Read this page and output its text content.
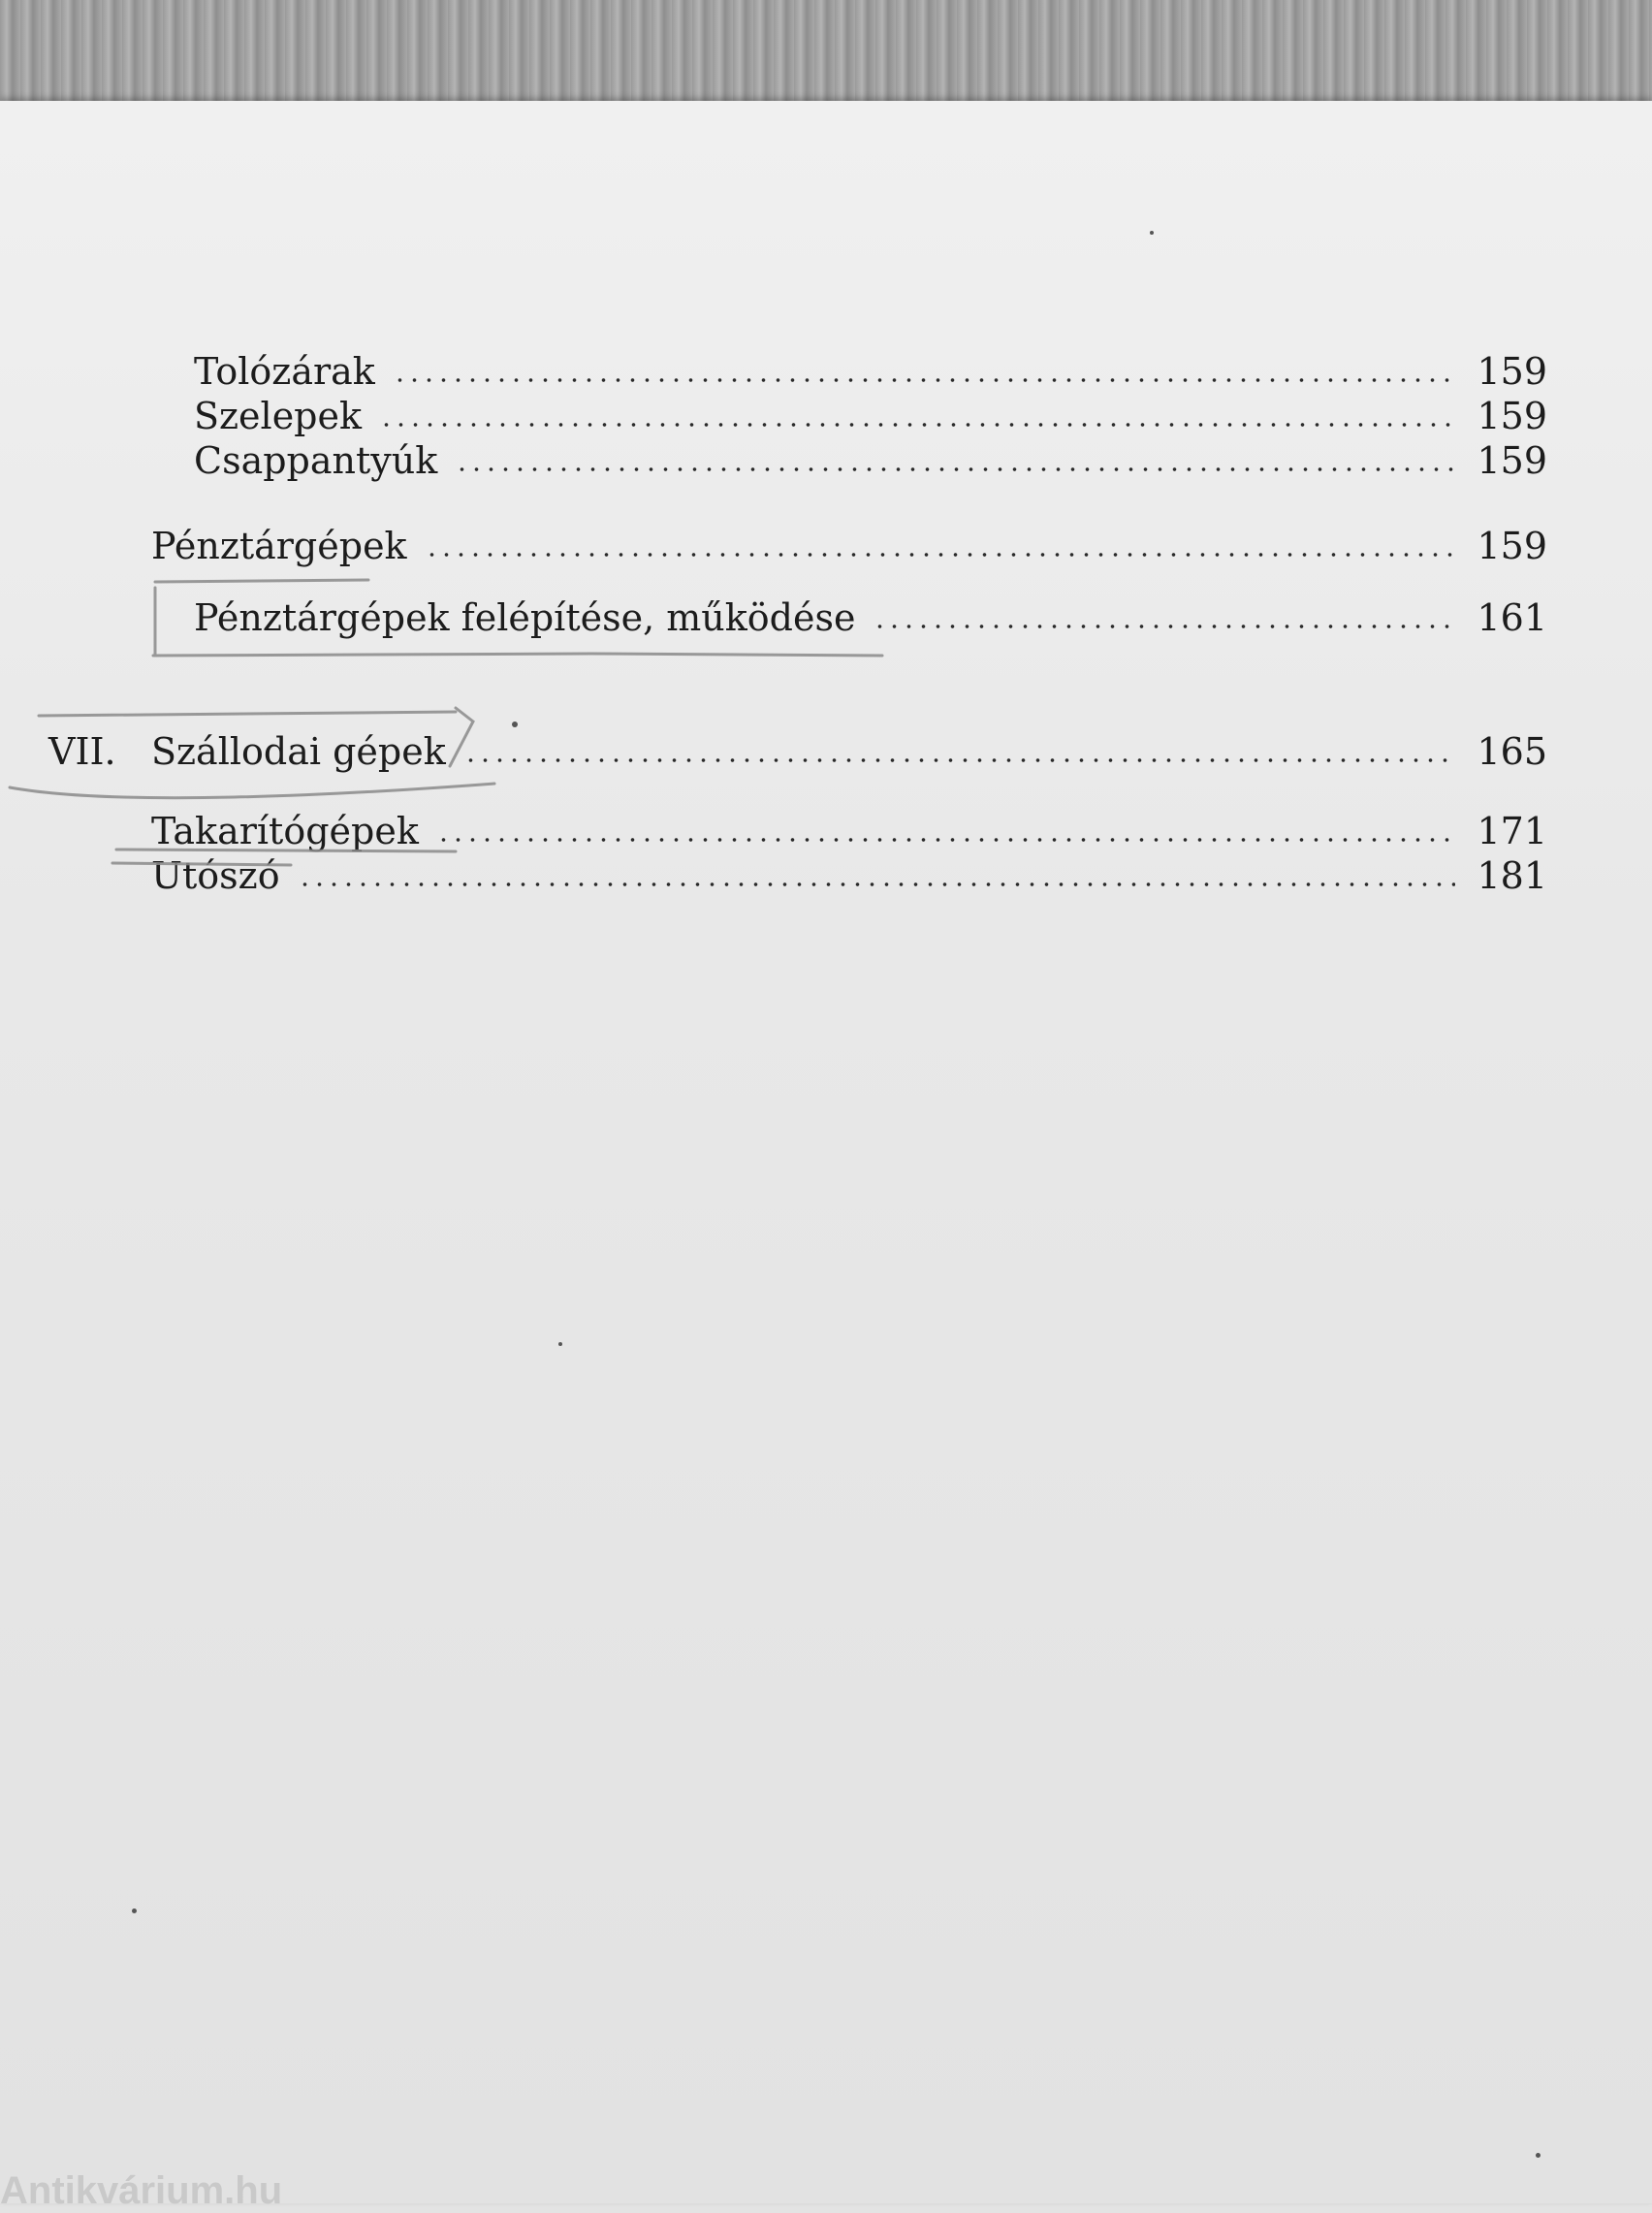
Tolózárak	159
Szelepek	159
Csappantyúk	159
Pénztárgépek	159
Pénztárgépek felépítése, működése	161
VII. Szállodai gépek	165
Takarítógépek	171
Utószó	181
Antikvárium.hu
